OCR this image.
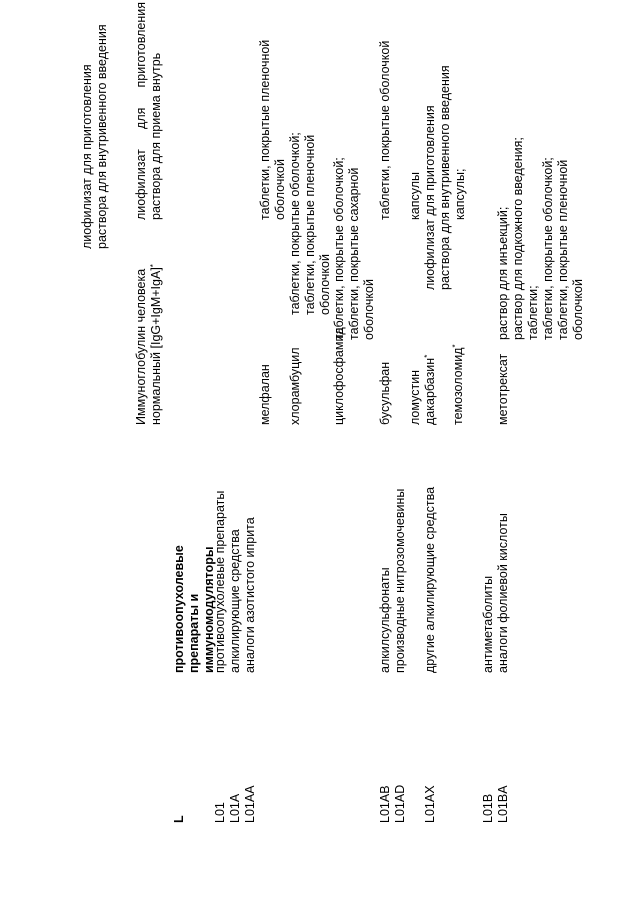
лиофилизат для приготовления раствора для внутривенного введения
Иммуноглобулин человека нормальный [IgG+IgM+IgA]*
лиофилизат
для
приготовления
раствора для приема внутрь
L
противоопухолевые препараты и иммуномодуляторы
L01 L01A L01AA
противоопухолевые препараты алкилирующие средства аналоги азотистого иприта
мелфалан
таблетки, покрытые пленочной оболочкой
хлорамбуцил
таблетки, покрытые оболочкой; таблетки, покрытые пленочной оболочкой
циклофосфамид
таблетки, покрытые оболочкой; таблетки, покрытые сахарной оболочкой
L01AB L01AD
алкилсульфонаты производные нитрозомочевины
бусульфан
таблетки, покрытые оболочкой
ломустин
капсулы
L01AX
другие алкилирующие средства
дакарбазин*
лиофилизат для приготовления раствора для внутривенного введения
темозоломид*
капсулы;
L01B L01BA
антиметаболиты аналоги фолиевой кислоты
метотрексат
раствор для инъекций; раствор для подкожного введения; таблетки; таблетки, покрытые оболочкой; таблетки, покрытые пленочной оболочкой
